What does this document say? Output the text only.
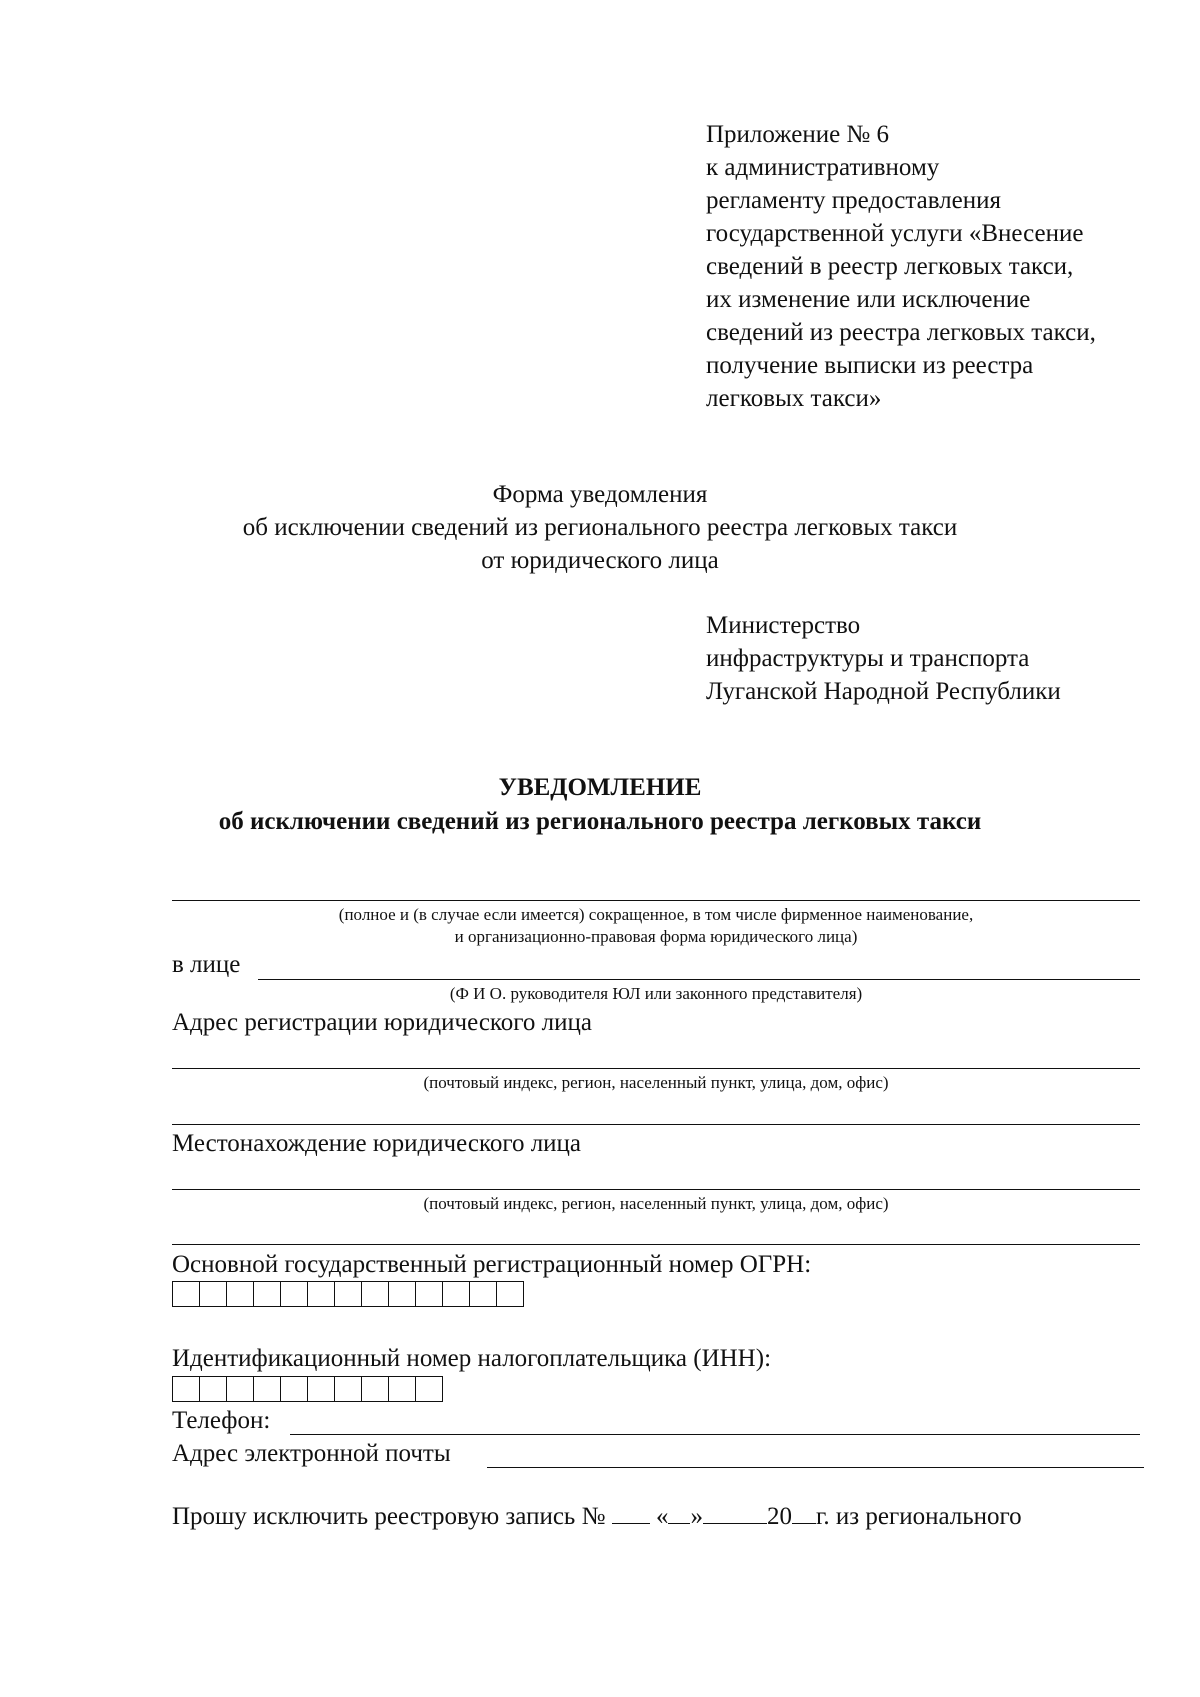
Приложение № 6
к административному
регламенту предоставления
государственной услуги «Внесение
сведений в реестр легковых такси,
их изменение или исключение
сведений из реестра легковых такси,
получение выписки из реестра
легковых такси»
Форма уведомления
об исключении сведений из регионального реестра легковых такси
от юридического лица
Министерство
инфраструктуры и транспорта
Луганской Народной Республики
УВЕДОМЛЕНИЕ
об исключении сведений из регионального реестра легковых такси
(полное и (в случае если имеется) сокращенное, в том числе фирменное наименование,
и организационно-правовая форма юридического лица)
в лице
(Ф И О. руководителя ЮЛ или законного представителя)
Адрес регистрации юридического лица
(почтовый индекс, регион, населенный пункт, улица, дом, офис)
Местонахождение юридического лица
(почтовый индекс, регион, населенный пункт, улица, дом, офис)
Основной государственный регистрационный номер ОГРН:
Идентификационный номер налогоплательщика (ИНН):
Телефон:
Адрес электронной почты
Прошу исключить реестровую запись № « »	20 г. из регионального
